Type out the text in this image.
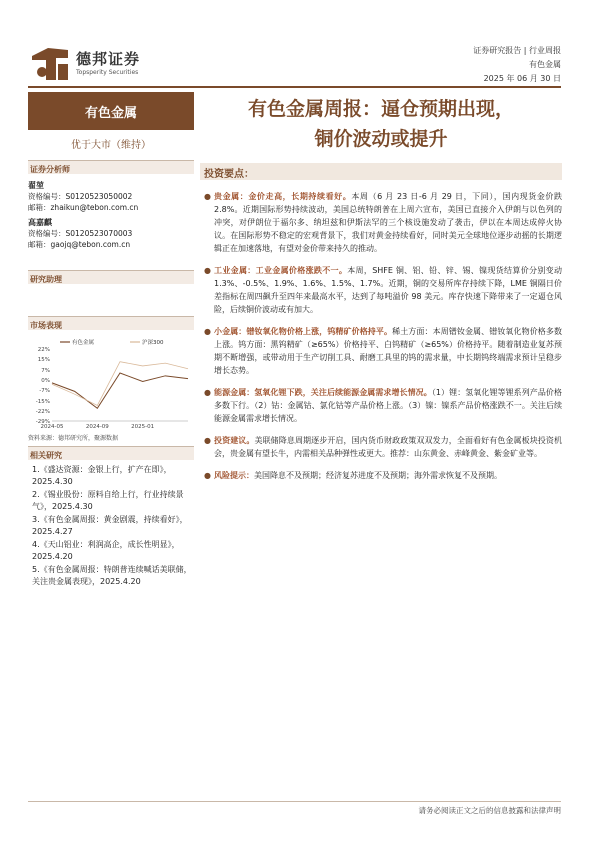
德邦证券
Topsperity Securities
证券研究报告 | 行业周报
有色金属
2025 年 06 月 30 日
有色金属
优于大市（维持）
证券分析师
翟堃
资格编号：S0120523050002
邮箱：zhaikun@tebon.com.cn
高嘉麒
资格编号：S0120523070003
邮箱：gaojq@tebon.com.cn
研究助理
市场表现
22%
15%
7%
0%
-7%
-15%
-22%
-29%
2024-05	2024-09	2025-01
有色金属	沪深300
资料来源：德邦研究所，聚源数据
相关研究
1.《盛达资源：金银上行，扩产在即》，2025.4.30
2.《锡业股份：原料自给上行，行业持续景气》，2025.4.30
3.《有色金属周报：黄金剧震，持续看好》，2025.4.27
4.《天山铝业：利润高企，成长性明显》，2025.4.20
5.《有色金属周报：特朗普连续喊话美联储，关注贵金属表现》，2025.4.20
有色金属周报：逼仓预期出现，
铜价波动或提升
投资要点：
● 贵金属：金价走高，长期持续看好。本周（6 月 23 日-6 月 29 日，下同），国内现货金价跌 2.8%。近期国际形势持续波动，美国总统特朗普在上周六宣布，美国已直接介入伊朗与以色列的冲突，对伊朗位于福尔多、纳坦兹和伊斯法罕的三个核设施发动了袭击，伊以在本周达成停火协议。在国际形势不稳定的宏观背景下，我们对黄金持续看好，同时美元全球地位逐步动摇的长期逻辑正在加速落地，有望对金价带来持久的推动。
● 工业金属：工业金属价格涨跌不一。本周，SHFE 铜、铝、铅、锌、锡、镍现货结算价分别变动 1.3%、-0.5%、1.9%、1.6%、1.5%、1.7%。近期，铜的交易所库存持续下降，LME 铜隔日价差指标在周四飙升至四年来最高水平，达到了每吨溢价 98 美元。库存快速下降带来了一定逼仓风险，后续铜价波动或有加大。
● 小金属：镨钕氧化物价格上涨，钨精矿价格持平。稀土方面：本周镨钕金属、镨钕氧化物价格多数上涨。钨方面：黑钨精矿（≥65%）价格持平、白钨精矿（≥65%）价格持平。随着制造业复苏预期不断增强，或带动用于生产切削工具、耐磨工具里的钨的需求量，中长期钨终端需求预计呈稳步增长态势。
● 能源金属：氢氧化锂下跌，关注后续能源金属需求增长情况。（1）锂：氢氧化锂等锂系列产品价格多数下行。（2）钴：金属钴、氯化钴等产品价格上涨。（3）镍：镍系产品价格涨跌不一。关注后续能源金属需求增长情况。
● 投资建议。美联储降息周期逐步开启，国内货币财政政策双双发力，全面看好有色金属板块投资机会，贵金属有望长牛，内需相关品种弹性或更大。推荐：山东黄金、赤峰黄金、紫金矿业等。
● 风险提示：美国降息不及预期；经济复苏进度不及预期；海外需求恢复不及预期。
请务必阅读正文之后的信息披露和法律声明
